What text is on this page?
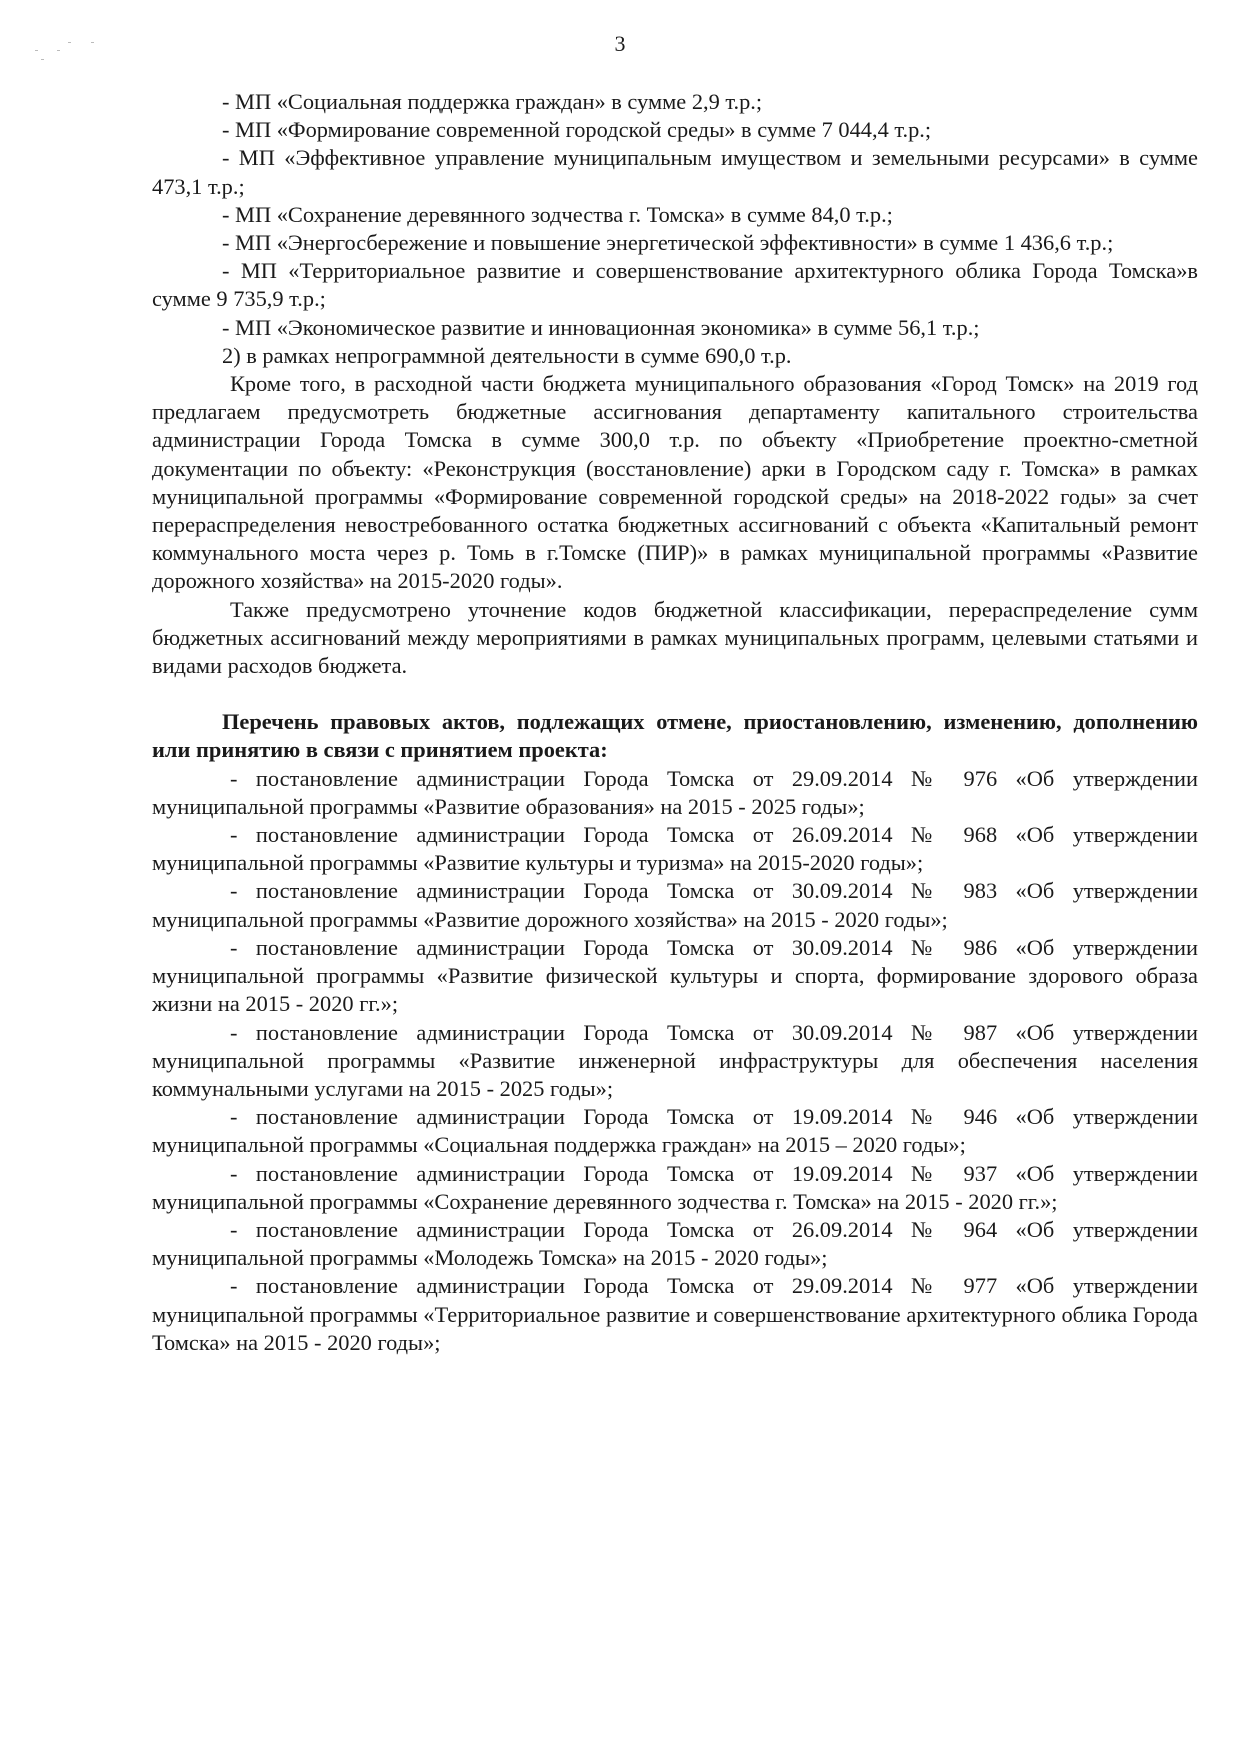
3

- МП «Социальная поддержка граждан» в сумме 2,9 т.р.;

- МП «Формирование современной городской среды» в сумме 7 044,4 т.р.;

- МП «Эффективное управление муниципальным имуществом и земельными ресурсами» в сумме 473,1 т.р.;

- МП «Сохранение деревянного зодчества г. Томска» в сумме 84,0 т.р.;

- МП «Энергосбережение и повышение энергетической эффективности» в сумме 1 436,6 т.р.;

- МП «Территориальное развитие и совершенствование архитектурного облика Города Томска»в сумме 9 735,9 т.р.;

- МП «Экономическое развитие и инновационная экономика» в сумме 56,1 т.р.;

2) в рамках непрограммной деятельности в сумме 690,0 т.р.

Кроме того, в расходной части бюджета муниципального образования «Город Томск» на 2019 год предлагаем предусмотреть бюджетные ассигнования департаменту капитального строительства администрации Города Томска в сумме 300,0 т.р. по объекту «Приобретение проектно-сметной документации по объекту: «Реконструкция (восстановление) арки в Городском саду г. Томска» в рамках муниципальной программы «Формирование современной городской среды» на 2018-2022 годы» за счет перераспределения невостребованного остатка бюджетных ассигнований с объекта «Капитальный ремонт коммунального моста через р. Томь в г.Томске (ПИР)» в рамках муниципальной программы «Развитие дорожного хозяйства» на 2015-2020 годы».

Также предусмотрено уточнение кодов бюджетной классификации, перераспределение сумм бюджетных ассигнований между мероприятиями в рамках муниципальных программ, целевыми статьями и видами расходов бюджета.

Перечень правовых актов, подлежащих отмене, приостановлению, изменению, дополнению или принятию в связи с принятием проекта:

- постановление администрации Города Томска от 29.09.2014 № 976 «Об утверждении муниципальной программы «Развитие образования» на 2015 - 2025 годы»;

- постановление администрации Города Томска от 26.09.2014 № 968 «Об утверждении муниципальной программы «Развитие культуры и туризма» на 2015-2020 годы»;

- постановление администрации Города Томска от 30.09.2014 № 983 «Об утверждении муниципальной программы «Развитие дорожного хозяйства» на 2015 - 2020 годы»;

- постановление администрации Города Томска от 30.09.2014 № 986 «Об утверждении муниципальной программы «Развитие физической культуры и спорта, формирование здорового образа жизни на 2015 - 2020 гг.»;

- постановление администрации Города Томска от 30.09.2014 № 987 «Об утверждении муниципальной программы «Развитие инженерной инфраструктуры для обеспечения населения коммунальными услугами на 2015 - 2025 годы»;

- постановление администрации Города Томска от 19.09.2014 № 946 «Об утверждении муниципальной программы «Социальная поддержка граждан» на 2015 – 2020 годы»;

- постановление администрации Города Томска от 19.09.2014 № 937 «Об утверждении муниципальной программы «Сохранение деревянного зодчества г. Томска» на 2015 - 2020 гг.»;

- постановление администрации Города Томска от 26.09.2014 № 964 «Об утверждении муниципальной программы «Молодежь Томска» на 2015 - 2020 годы»;

- постановление администрации Города Томска от 29.09.2014 № 977 «Об утверждении муниципальной программы «Территориальное развитие и совершенствование архитектурного облика Города Томска» на 2015 - 2020 годы»;
